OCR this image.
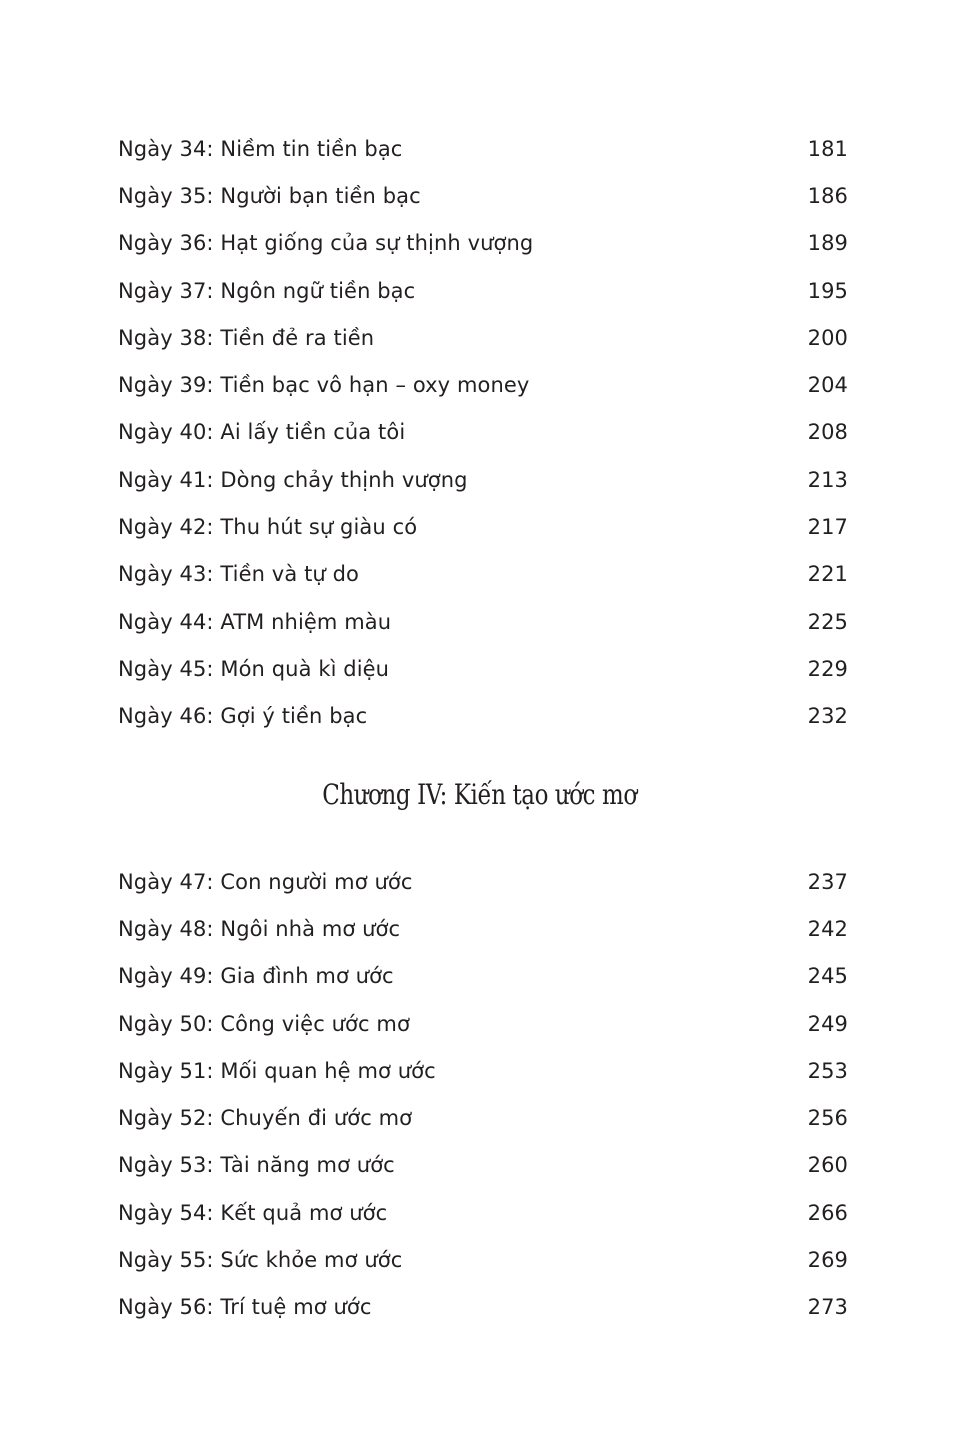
Ngày 34: Niềm tin tiền bạc	181
Ngày 35: Người bạn tiền bạc	186
Ngày 36: Hạt giống của sự thịnh vượng	189
Ngày 37: Ngôn ngữ tiền bạc	195
Ngày 38: Tiền đẻ ra tiền	200
Ngày 39: Tiền bạc vô hạn – oxy money	204
Ngày 40: Ai lấy tiền của tôi	208
Ngày 41: Dòng chảy thịnh vượng	213
Ngày 42: Thu hút sự giàu có	217
Ngày 43: Tiền và tự do	221
Ngày 44: ATM nhiệm màu	225
Ngày 45: Món quà kì diệu	229
Ngày 46: Gợi ý tiền bạc	232
Chương IV: Kiến tạo ước mơ
Ngày 47: Con người mơ ước	237
Ngày 48: Ngôi nhà mơ ước	242
Ngày 49: Gia đình mơ ước	245
Ngày 50: Công việc ước mơ	249
Ngày 51: Mối quan hệ mơ ước	253
Ngày 52: Chuyến đi ước mơ	256
Ngày 53: Tài năng mơ ước	260
Ngày 54: Kết quả mơ ước	266
Ngày 55: Sức khỏe mơ ước	269
Ngày 56: Trí tuệ mơ ước	273
